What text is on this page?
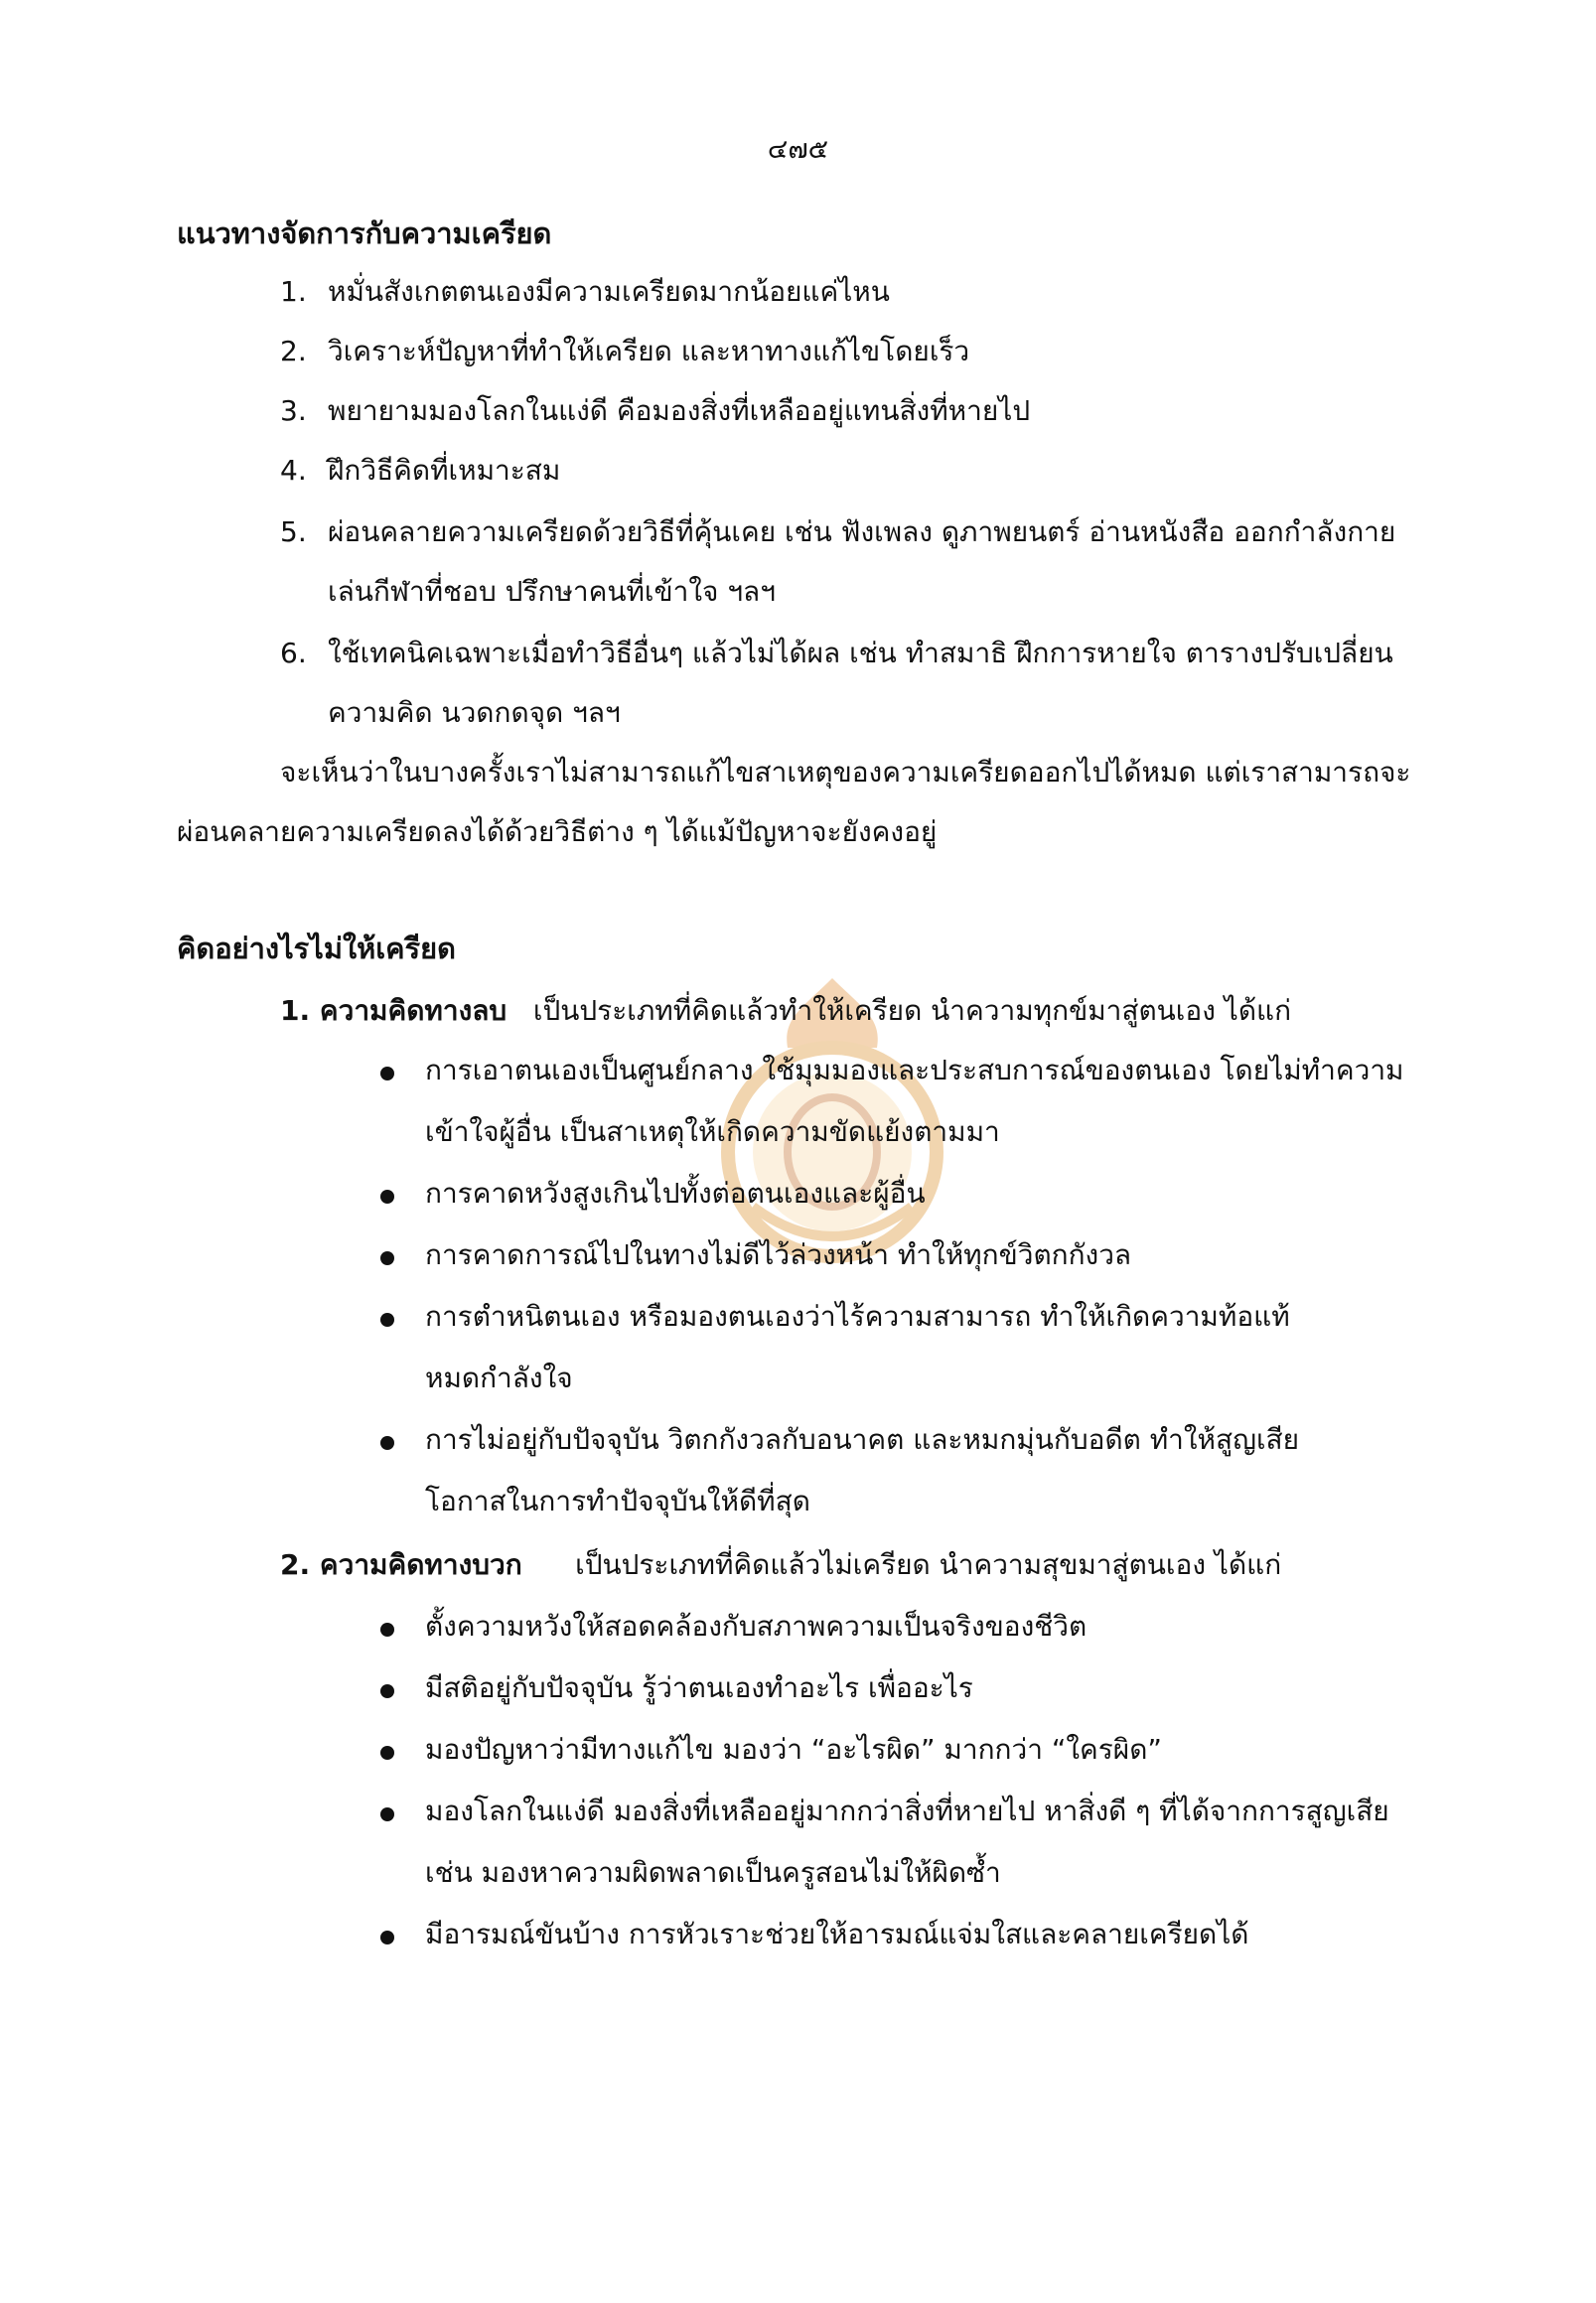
๔๗๕
แนวทางจัดการกับความเครียด
1. หมั่นสังเกตตนเองมีความเครียดมากน้อยแค่ไหน
2. วิเคราะห์ปัญหาที่ทำให้เครียด และหาทางแก้ไขโดยเร็ว
3. พยายามมองโลกในแง่ดี คือมองสิ่งที่เหลืออยู่แทนสิ่งที่หายไป
4. ฝึกวิธีคิดที่เหมาะสม
5. ผ่อนคลายความเครียดด้วยวิธีที่คุ้นเคย เช่น ฟังเพลง ดูภาพยนตร์ อ่านหนังสือ ออกกำลังกาย
เล่นกีฬาที่ชอบ ปรึกษาคนที่เข้าใจ ฯลฯ
6. ใช้เทคนิคเฉพาะเมื่อทำวิธีอื่นๆ แล้วไม่ได้ผล เช่น ทำสมาธิ ฝึกการหายใจ ตารางปรับเปลี่ยน
ความคิด นวดกดจุด ฯลฯ
จะเห็นว่าในบางครั้งเราไม่สามารถแก้ไขสาเหตุของความเครียดออกไปได้หมด แต่เราสามารถจะ
ผ่อนคลายความเครียดลงได้ด้วยวิธีต่าง ๆ ได้แม้ปัญหาจะยังคงอยู่
คิดอย่างไรไม่ให้เครียด
1. ความคิดทางลบ เป็นประเภทที่คิดแล้วทำให้เครียด นำความทุกข์มาสู่ตนเอง ได้แก่
การเอาตนเองเป็นศูนย์กลาง ใช้มุมมองและประสบการณ์ของตนเอง โดยไม่ทำความ
เข้าใจผู้อื่น เป็นสาเหตุให้เกิดความขัดแย้งตามมา
การคาดหวังสูงเกินไปทั้งต่อตนเองและผู้อื่น
การคาดการณ์ไปในทางไม่ดีไว้ล่วงหน้า ทำให้ทุกข์วิตกกังวล
การตำหนิตนเอง หรือมองตนเองว่าไร้ความสามารถ ทำให้เกิดความท้อแท้
หมดกำลังใจ
การไม่อยู่กับปัจจุบัน วิตกกังวลกับอนาคต และหมกมุ่นกับอดีต ทำให้สูญเสีย
โอกาสในการทำปัจจุบันให้ดีที่สุด
2. ความคิดทางบวก เป็นประเภทที่คิดแล้วไม่เครียด นำความสุขมาสู่ตนเอง ได้แก่
ตั้งความหวังให้สอดคล้องกับสภาพความเป็นจริงของชีวิต
มีสติอยู่กับปัจจุบัน รู้ว่าตนเองทำอะไร เพื่ออะไร
มองปัญหาว่ามีทางแก้ไข มองว่า “อะไรผิด” มากกว่า “ใครผิด”
มองโลกในแง่ดี มองสิ่งที่เหลืออยู่มากกว่าสิ่งที่หายไป หาสิ่งดี ๆ ที่ได้จากการสูญเสีย
เช่น มองหาความผิดพลาดเป็นครูสอนไม่ให้ผิดซ้ำ
มีอารมณ์ขันบ้าง การหัวเราะช่วยให้อารมณ์แจ่มใสและคลายเครียดได้
